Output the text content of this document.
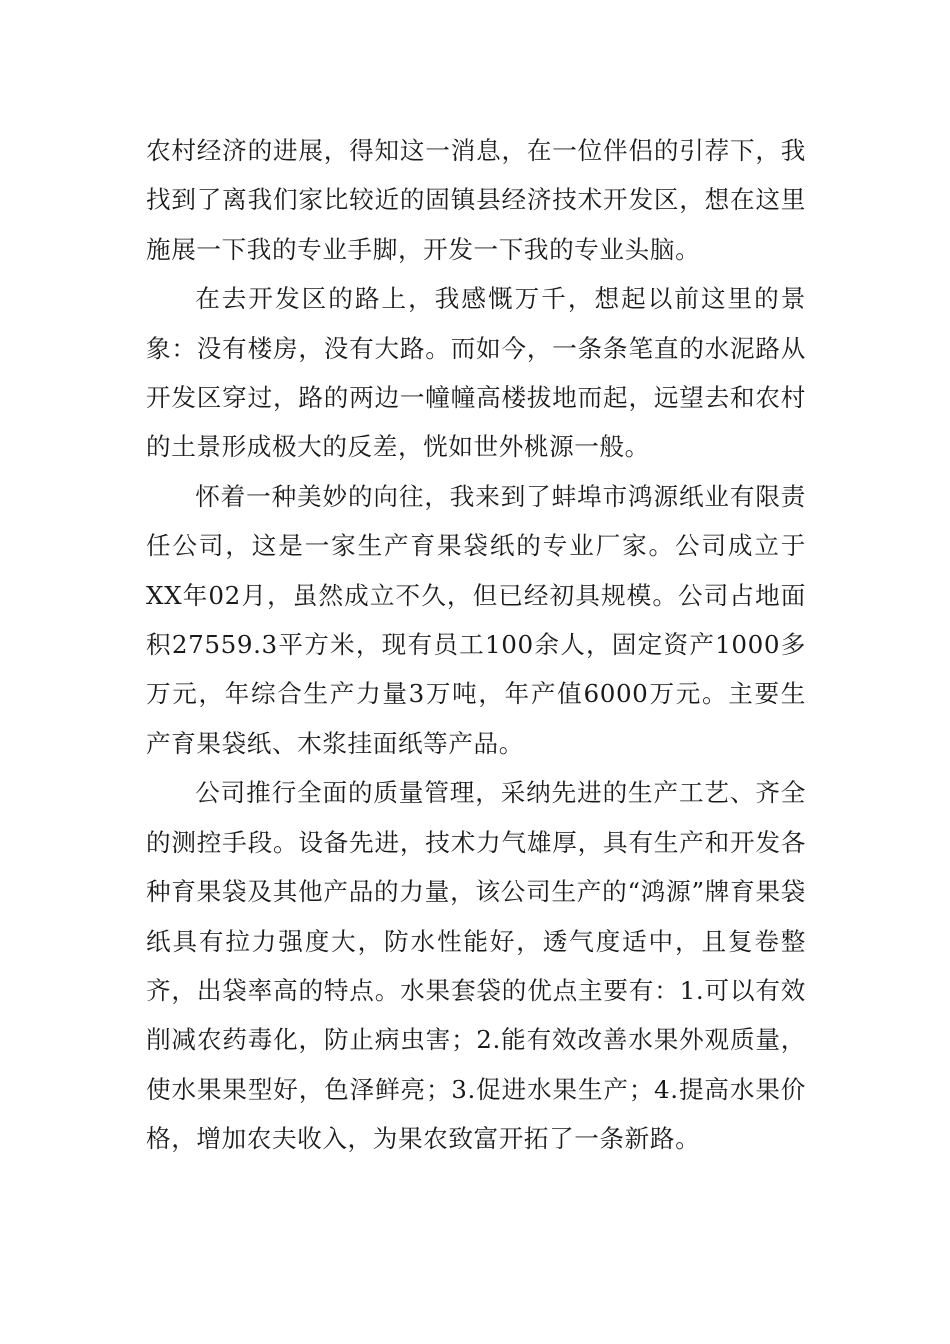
农村经济的进展，得知这一消息，在一位伴侣的引荐下，我找到了离我们家比较近的固镇县经济技术开发区，想在这里施展一下我的专业手脚，开发一下我的专业头脑。

在去开发区的路上，我感慨万千，想起以前这里的景象：没有楼房，没有大路。而如今，一条条笔直的水泥路从开发区穿过，路的两边一幢幢高楼拔地而起，远望去和农村的土景形成极大的反差，恍如世外桃源一般。

怀着一种美妙的向往，我来到了蚌埠市鸿源纸业有限责任公司，这是一家生产育果袋纸的专业厂家。公司成立于XX年02月，虽然成立不久，但已经初具规模。公司占地面积27559.3平方米，现有员工100余人，固定资产1000多万元，年综合生产力量3万吨，年产值6000万元。主要生产育果袋纸、木浆挂面纸等产品。

公司推行全面的质量管理，采纳先进的生产工艺、齐全的测控手段。设备先进，技术力气雄厚，具有生产和开发各种育果袋及其他产品的力量，该公司生产的“鸿源”牌育果袋纸具有拉力强度大，防水性能好，透气度适中，且复卷整齐，出袋率高的特点。水果套袋的优点主要有：1.可以有效削减农药毒化，防止病虫害；2.能有效改善水果外观质量，使水果果型好，色泽鲜亮；3.促进水果生产；4.提高水果价格，增加农夫收入，为果农致富开拓了一条新路。
